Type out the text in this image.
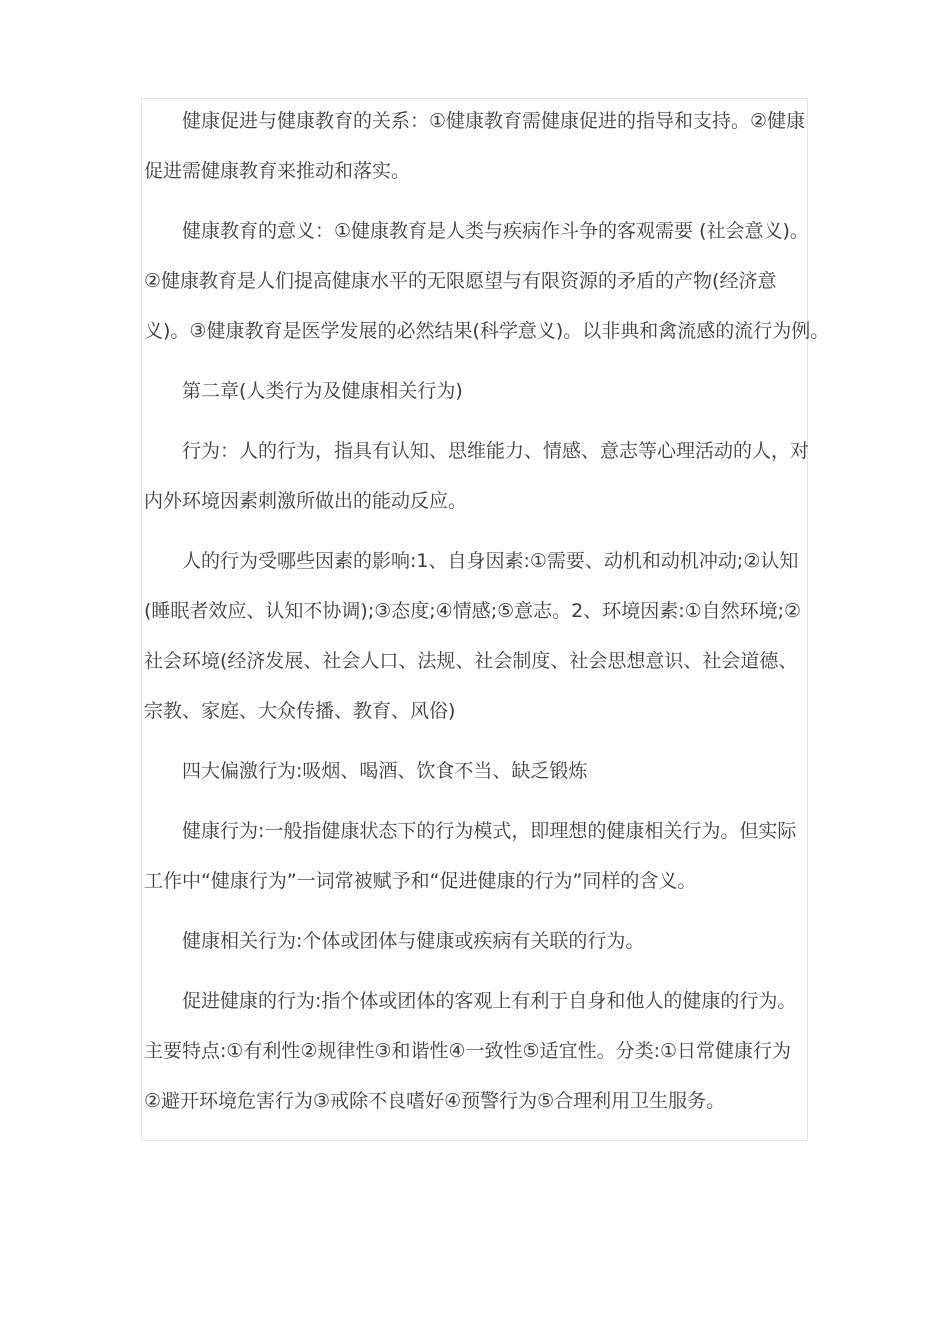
健康促进与健康教育的关系：①健康教育需健康促进的指导和支持。②健康
促进需健康教育来推动和落实。

健康教育的意义：①健康教育是人类与疾病作斗争的客观需要 (社会意义)。
②健康教育是人们提高健康水平的无限愿望与有限资源的矛盾的产物(经济意
义)。③健康教育是医学发展的必然结果(科学意义)。以非典和禽流感的流行为例。

第二章(人类行为及健康相关行为)

行为：人的行为，指具有认知、思维能力、情感、意志等心理活动的人，对
内外环境因素刺激所做出的能动反应。

人的行为受哪些因素的影响:1、自身因素:①需要、动机和动机冲动;②认知
(睡眠者效应、认知不协调);③态度;④情感;⑤意志。2、环境因素:①自然环境;②
社会环境(经济发展、社会人口、法规、社会制度、社会思想意识、社会道德、
宗教、家庭、大众传播、教育、风俗)

四大偏激行为:吸烟、喝酒、饮食不当、缺乏锻炼

健康行为:一般指健康状态下的行为模式，即理想的健康相关行为。但实际
工作中“健康行为”一词常被赋予和“促进健康的行为”同样的含义。

健康相关行为:个体或团体与健康或疾病有关联的行为。

促进健康的行为:指个体或团体的客观上有利于自身和他人的健康的行为。
主要特点:①有利性②规律性③和谐性④一致性⑤适宜性。分类:①日常健康行为
②避开环境危害行为③戒除不良嗜好④预警行为⑤合理利用卫生服务。
